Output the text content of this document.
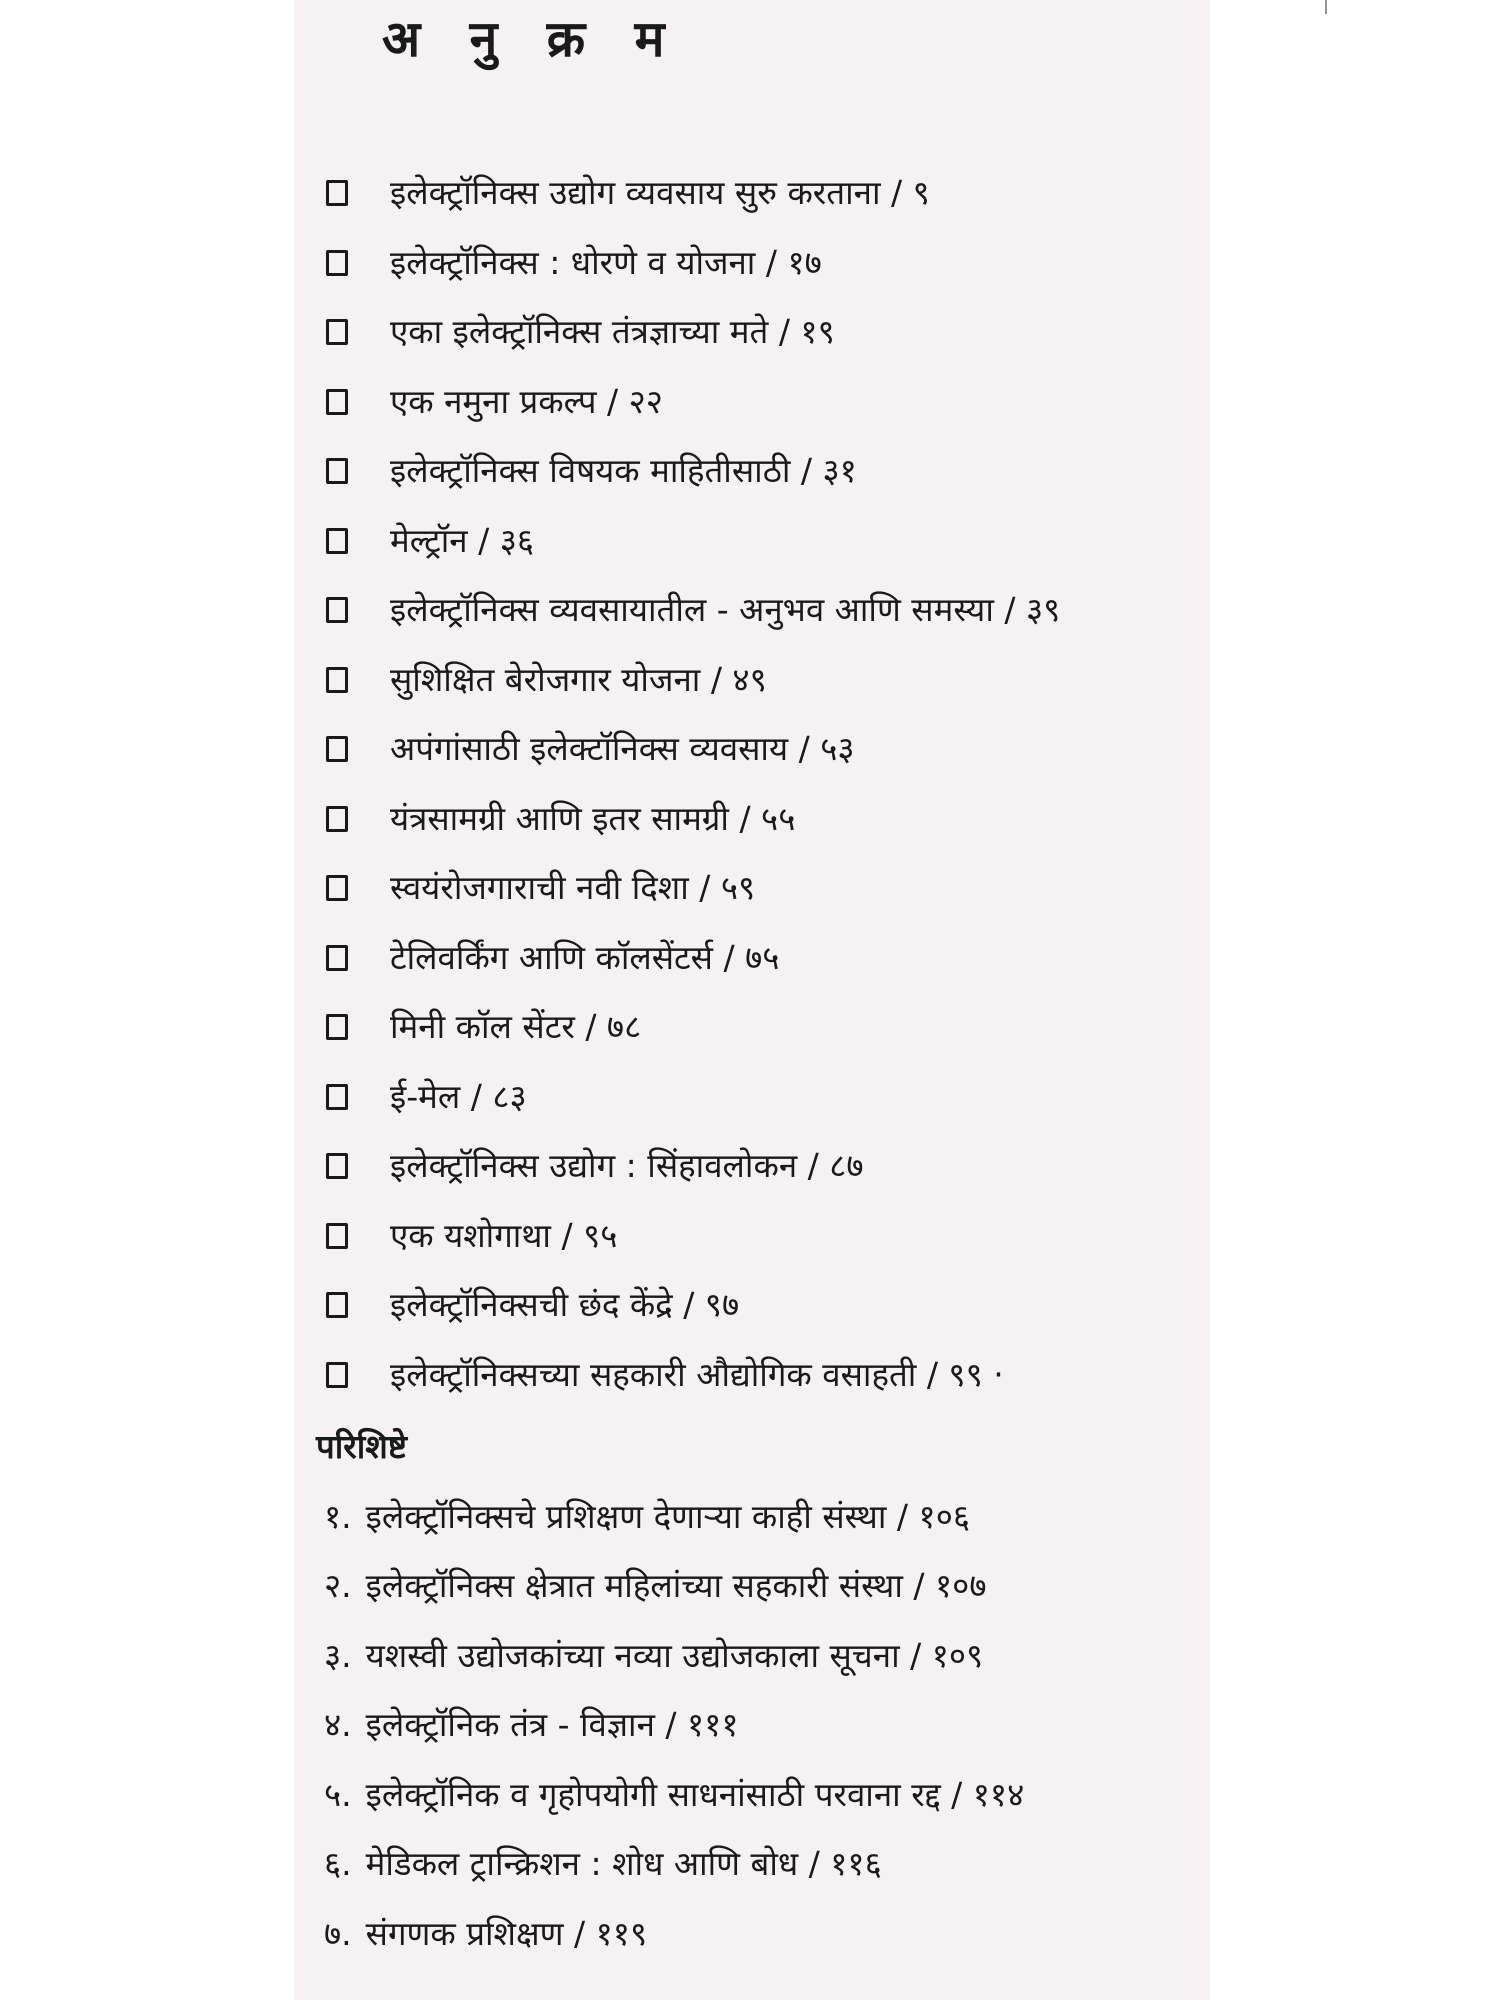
अ नु क्र म
इलेक्ट्रॉनिक्स उद्योग व्यवसाय सुरु करताना / ९
इलेक्ट्रॉनिक्स : धोरणे व योजना / १७
एका इलेक्ट्रॉनिक्स तंत्रज्ञाच्या मते / १९
एक नमुना प्रकल्प / २२
इलेक्ट्रॉनिक्स विषयक माहितीसाठी / ३१
मेल्ट्रॉन / ३६
इलेक्ट्रॉनिक्स व्यवसायातील - अनुभव आणि समस्या / ३९
सुशिक्षित बेरोजगार योजना / ४९
अपंगांसाठी इलेक्टॉनिक्स व्यवसाय / ५३
यंत्रसामग्री आणि इतर सामग्री / ५५
स्वयंरोजगाराची नवी दिशा / ५९
टेलिवर्किंग आणि कॉलसेंटर्स / ७५
मिनी कॉल सेंटर / ७८
ई-मेल / ८३
इलेक्ट्रॉनिक्स उद्योग : सिंहावलोकन / ८७
एक यशोगाथा / ९५
इलेक्ट्रॉनिक्सची छंद केंद्रे / ९७
इलेक्ट्रॉनिक्सच्या सहकारी औद्योगिक वसाहती / ९९ ·
परिशिष्टे
१. इलेक्ट्रॉनिक्सचे प्रशिक्षण देणाऱ्या काही संस्था / १०६
२. इलेक्ट्रॉनिक्स क्षेत्रात महिलांच्या सहकारी संस्था / १०७
३. यशस्वी उद्योजकांच्या नव्या उद्योजकाला सूचना / १०९
४. इलेक्ट्रॉनिक तंत्र - विज्ञान / १११
५. इलेक्ट्रॉनिक व गृहोपयोगी साधनांसाठी परवाना रद्द / ११४
६. मेडिकल ट्रान्क्रिशन : शोध आणि बोध / ११६
७. संगणक प्रशिक्षण / ११९
